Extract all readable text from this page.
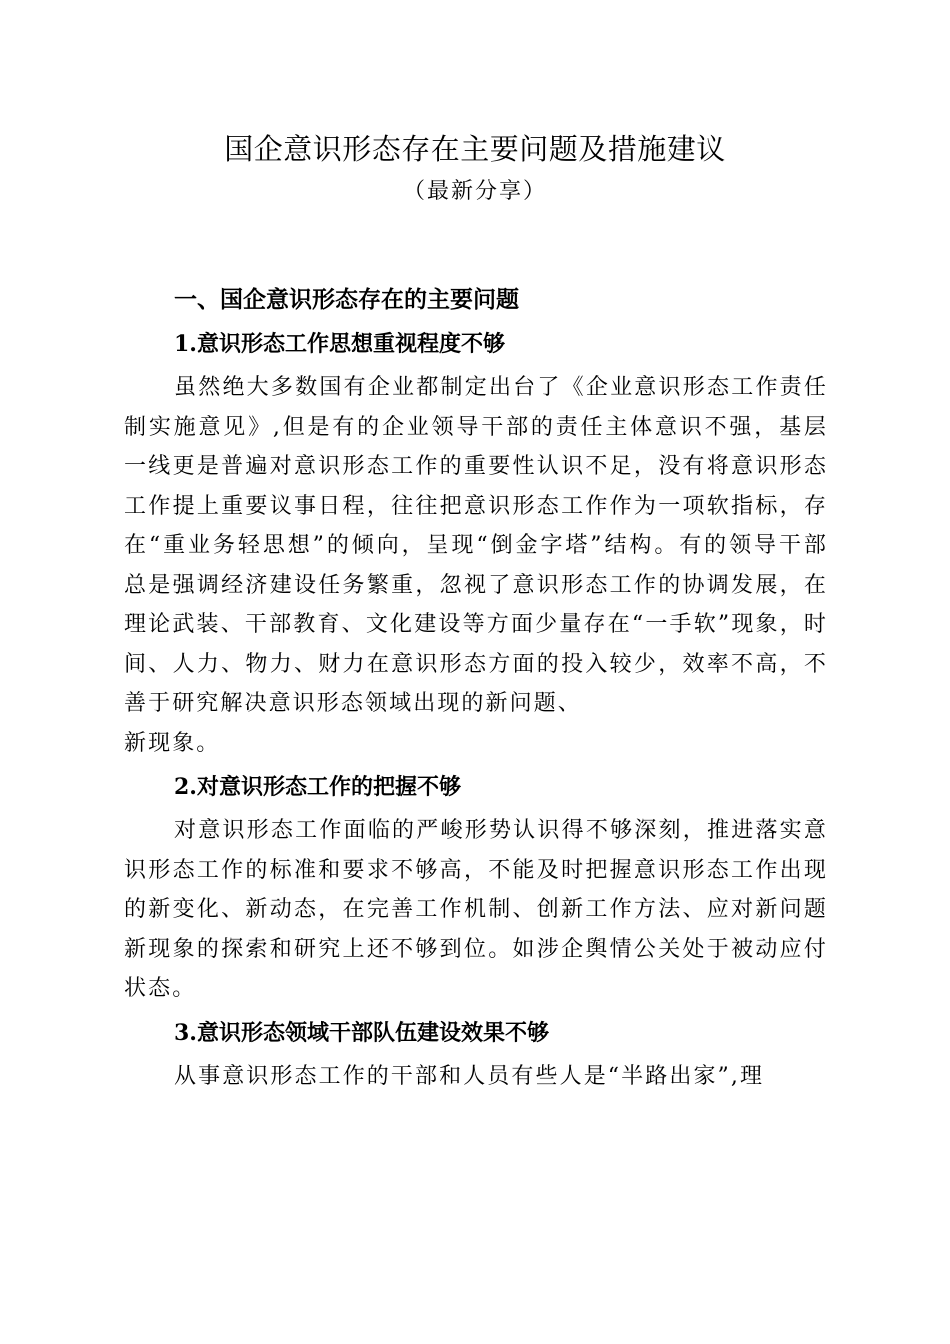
国企意识形态存在主要问题及措施建议
（最新分享）
一、国企意识形态存在的主要问题
1.意识形态工作思想重视程度不够

虽然绝大多数国有企业都制定出台了《企业意识形态工作责任制实施意见》,但是有的企业领导干部的责任主体意识不强，基层一线更是普遍对意识形态工作的重要性认识不足，没有将意识形态工作提上重要议事日程，往往把意识形态工作作为一项软指标，存在“重业务轻思想”的倾向，呈现“倒金字塔”结构。有的领导干部总是强调经济建设任务繁重，忽视了意识形态工作的协调发展，在理论武装、干部教育、文化建设等方面少量存在“一手软”现象，时间、人力、物力、财力在意识形态方面的投入较少，效率不高，不善于研究解决意识形态领域出现的新问题、
新现象。

2.对意识形态工作的把握不够

对意识形态工作面临的严峻形势认识得不够深刻，推进落实意识形态工作的标准和要求不够高，不能及时把握意识形态工作出现的新变化、新动态，在完善工作机制、创新工作方法、应对新问题新现象的探索和研究上还不够到位。如涉企舆情公关处于被动应付状态。

3.意识形态领域干部队伍建设效果不够

从事意识形态工作的干部和人员有些人是“半路出家”,理
